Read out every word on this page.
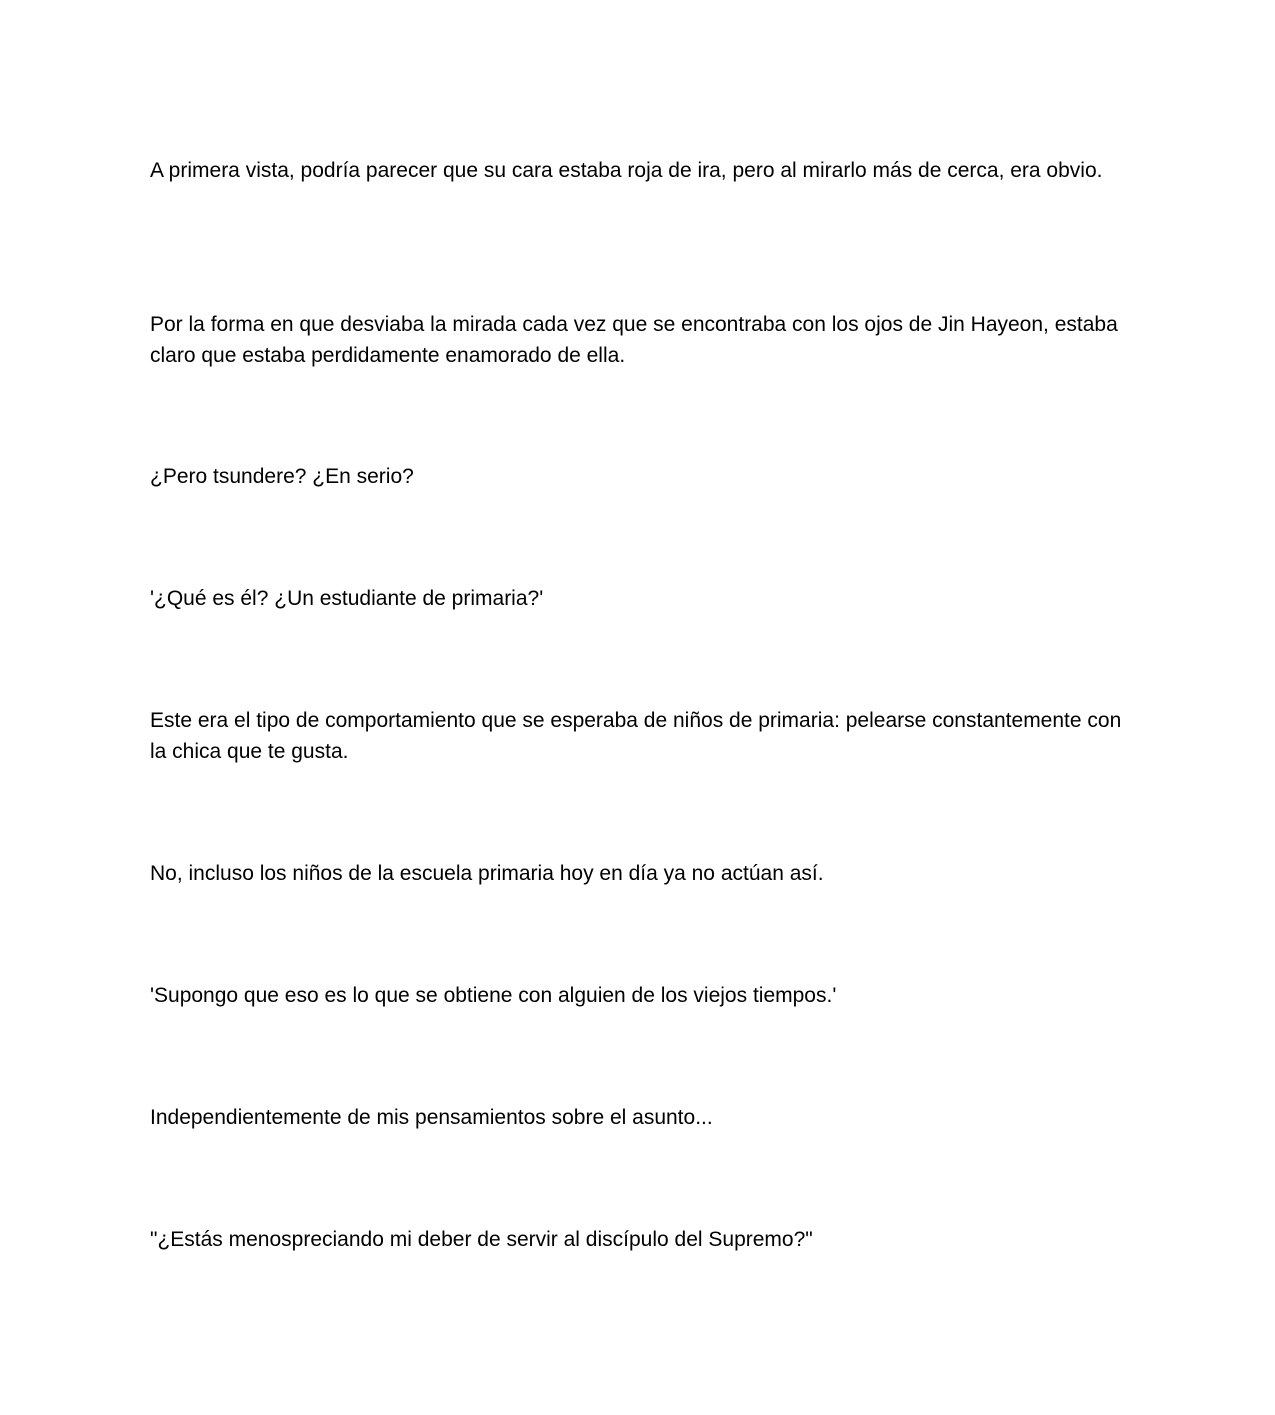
A primera vista, podría parecer que su cara estaba roja de ira, pero al mirarlo más de cerca, era obvio.

Por la forma en que desviaba la mirada cada vez que se encontraba con los ojos de Jin Hayeon, estaba claro que estaba perdidamente enamorado de ella.

¿Pero tsundere? ¿En serio?

'¿Qué es él? ¿Un estudiante de primaria?'

Este era el tipo de comportamiento que se esperaba de niños de primaria: pelearse constantemente con la chica que te gusta.

No, incluso los niños de la escuela primaria hoy en día ya no actúan así.

'Supongo que eso es lo que se obtiene con alguien de los viejos tiempos.'

Independientemente de mis pensamientos sobre el asunto...

"¿Estás menospreciando mi deber de servir al discípulo del Supremo?"
